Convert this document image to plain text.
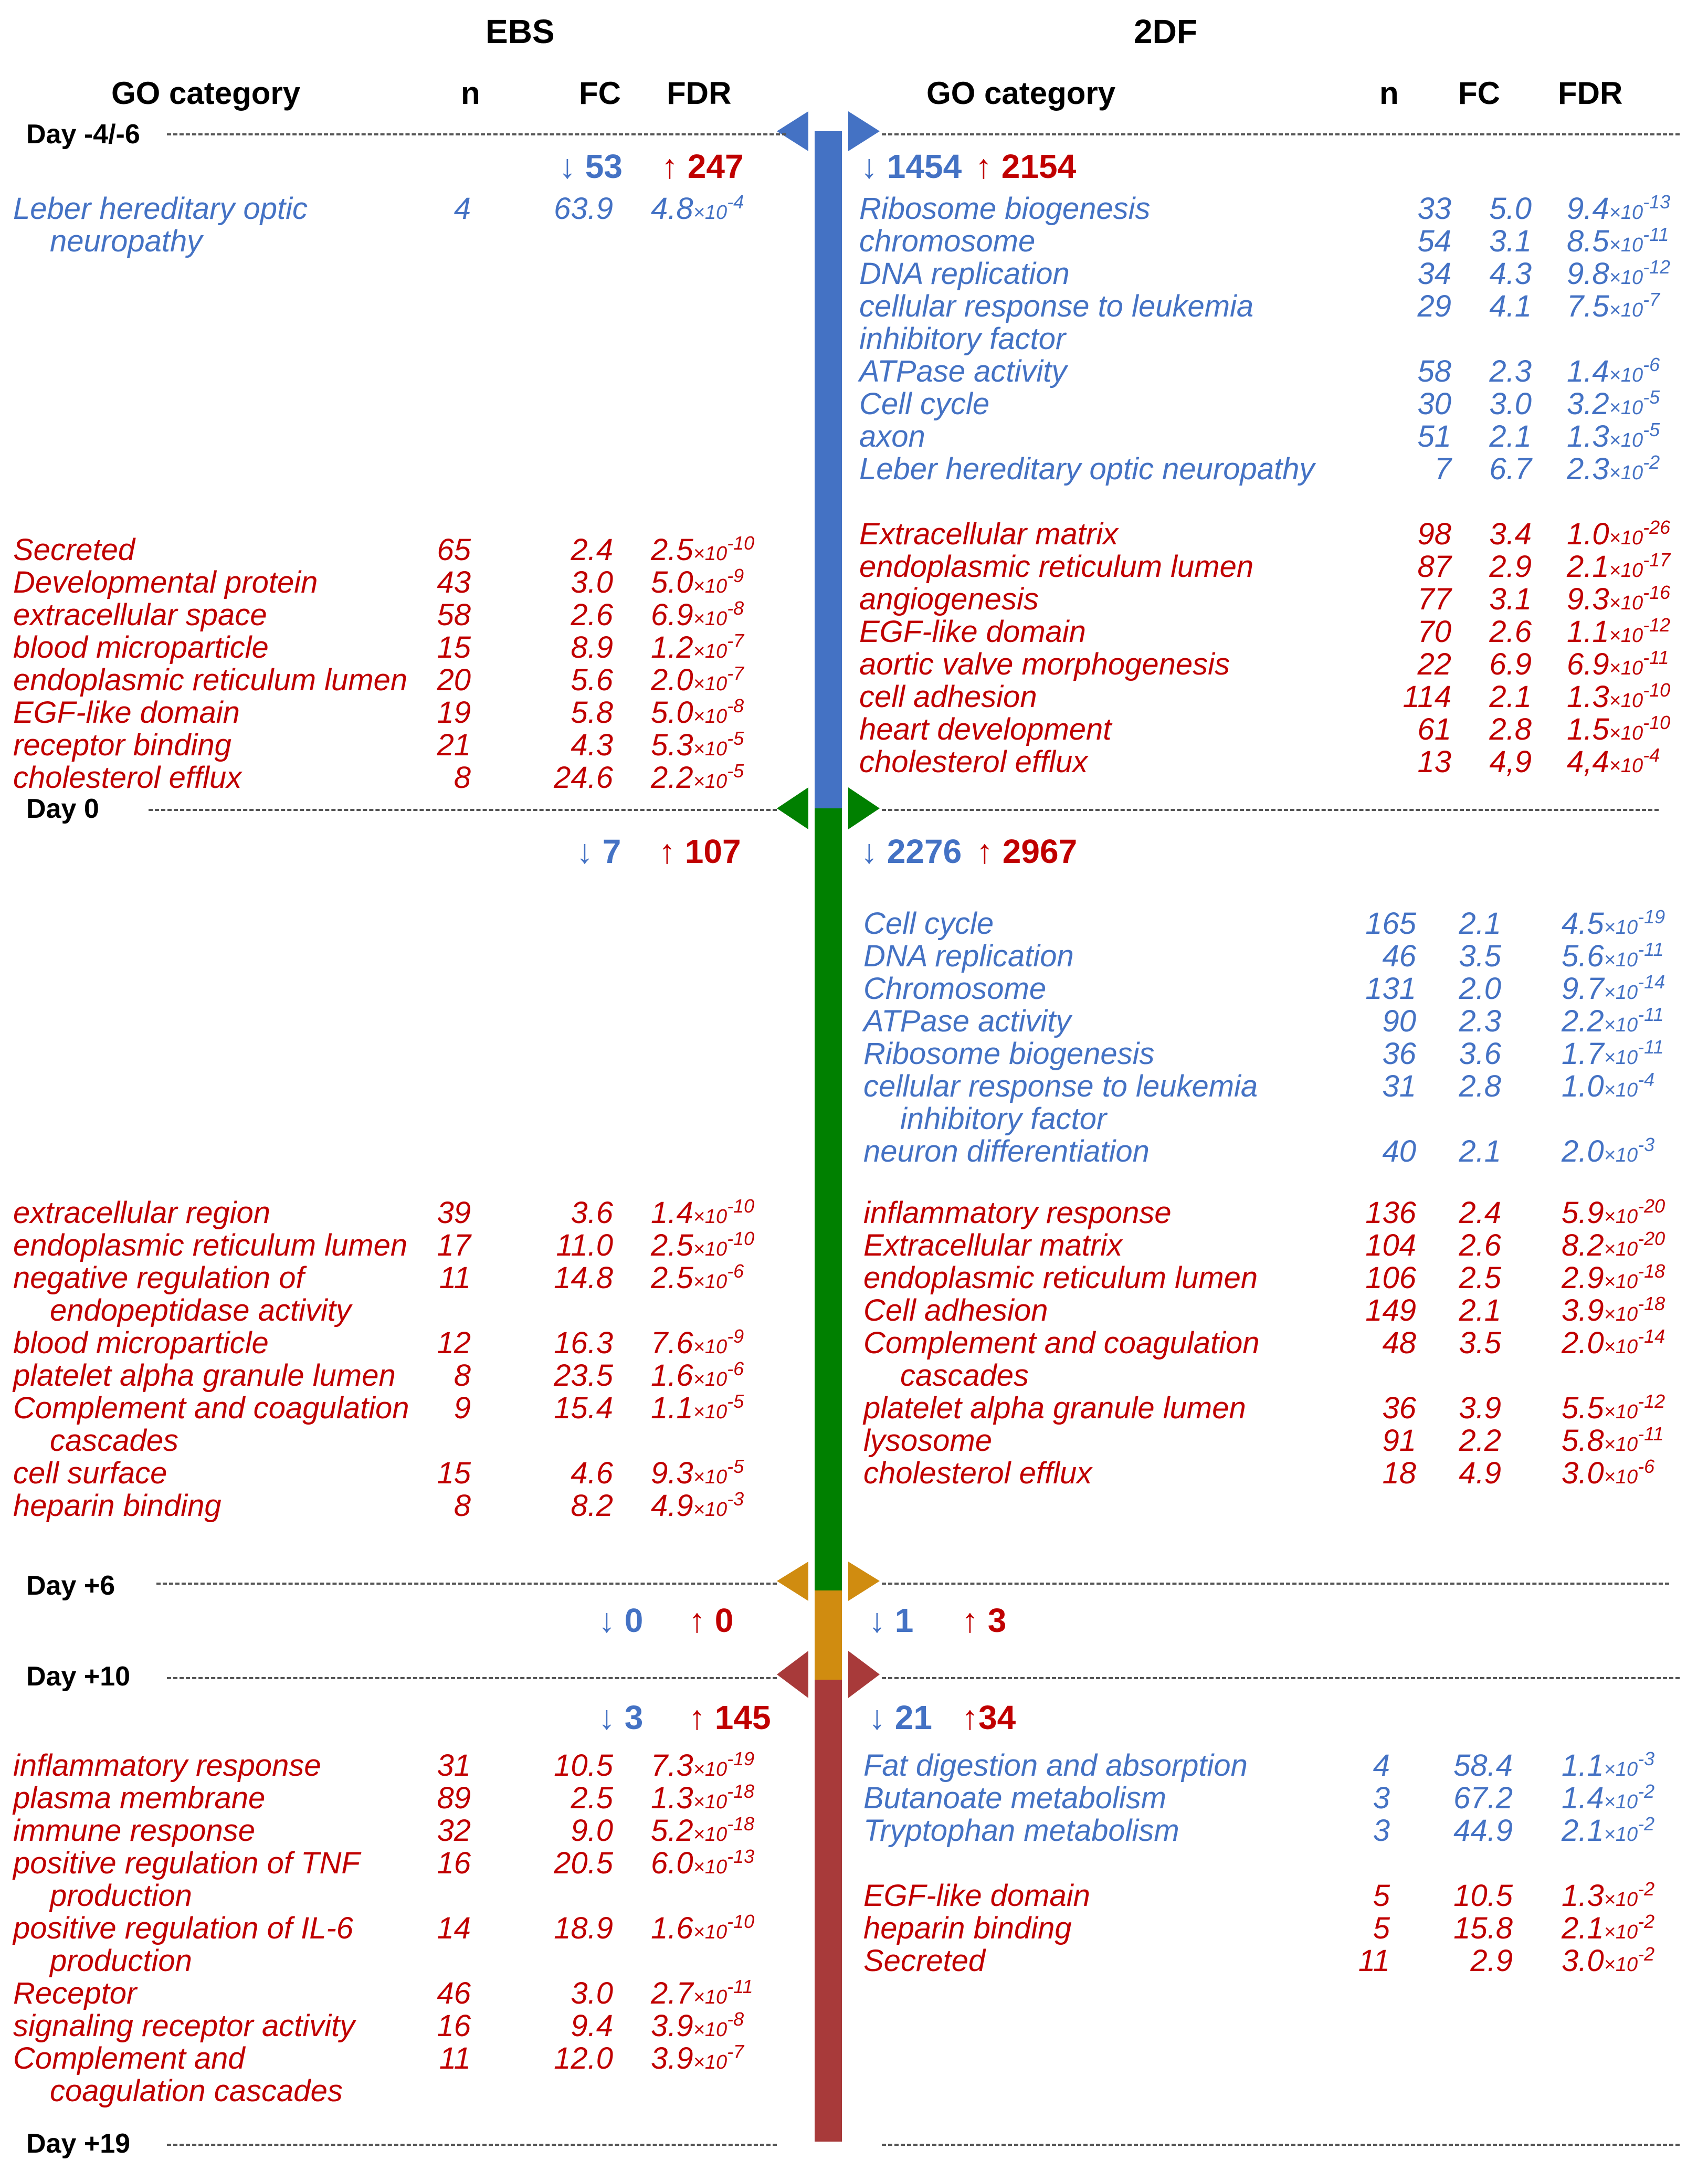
EBS	2DF
GO category	n	FC FDR	GO category	n FC FDR
Day -4/-6
Day 0
Day +6
Day +10
Day +19
↓ 53 ↑ 247	↓ 1454 ↑ 2154
↓ 7 ↑ 107	↓ 2276 ↑ 2967
↓ 0 ↑ 0	↓ 1 ↑ 3
↓ 3 ↑ 145	↓ 21 ↑34
Leber hereditary optic
neuropathy
4	63.9 $4.8\times 10^{-4}$
Secreted	65	2.4 $2.5\times 10^{-10}$
Developmental protein	43	3.0 $5.0\times 10^{-9}$
extracellular space	58	2.6 $6.9\times 10^{-8}$
blood microparticle	15	8.9 $1.2\times 10^{-7}$
endoplasmic reticulum lumen 20	5.6 $2.0\times 10^{-7}$
EGF-like domain	19	5.8 $5.0\times 10^{-8}$
receptor binding	21	4.3 $5.3\times 10^{-5}$
cholesterol efflux	8	24.6 $2.2\times 10^{-5}$
extracellular region	39	3.6 $1.4\times 10^{-10}$
endoplasmic reticulum lumen 17	11.0 $2.5\times 10^{-10}$
negative regulation of
endopeptidase activity
11	14.8 $2.5\times 10^{-6}$
blood microparticle	12	16.3 $7.6\times 10^{-9}$
platelet alpha granule lumen 8	23.5 $1.6\times 10^{-6}$
Complement and coagulation
cascades
9	15.4 $1.1\times 10^{-5}$
cell surface	15	4.6 $9.3\times 10^{-5}$
heparin binding	8	8.2 $4.9\times 10^{-3}$
inflammatory response	31	10.5 $7.3\times 10^{-19}$
plasma membrane	89	2.5 $1.3\times 10^{-18}$
immune response	32	9.0 $5.2\times 10^{-18}$
positive regulation of TNF
production
16	20.5 $6.0\times 10^{-13}$
positive regulation of IL-6
production
14	18.9 $1.6\times 10^{-10}$
Receptor	46	3.0 $2.7\times 10^{-11}$
signaling receptor activity	16	9.4 $3.9\times 10^{-8}$
Complement and
coagulation cascades
11	12.0 $3.9\times 10^{-7}$
Ribosome biogenesis	33 5.0 $9.4\times 10^{-13}$
chromosome	54 3.1 $8.5\times 10^{-11}$
DNA replication	34 4.3 $9.8\times 10^{-12}$
cellular response to leukemia
inhibitory factor
29 4.1 $7.5\times 10^{-7}$
ATPase activity	58 2.3 $1.4\times 10^{-6}$
Cell cycle	30 3.0 $3.2\times 10^{-5}$
axon	51 2.1 $1.3\times 10^{-5}$
Leber hereditary optic neuropathy	7 6.7 $2.3\times 10^{-2}$
Extracellular matrix	98 3.4 $1.0\times 10^{-26}$
endoplasmic reticulum lumen	87 2.9 $2.1\times 10^{-17}$
angiogenesis	77 3.1 $9.3\times 10^{-16}$
EGF-like domain	70 2.6 $1.1\times 10^{-12}$
aortic valve morphogenesis	22 6.9 $6.9\times 10^{-11}$
cell adhesion	114 2.1 $1.3\times 10^{-10}$
heart development	61 2.8 $1.5\times 10^{-10}$
cholesterol efflux	13 4,9 $4,4\times 10^{-4}$
Cell cycle	165 2.1 $4.5\times 10^{-19}$
DNA replication	46 3.5 $5.6\times 10^{-11}$
Chromosome	131 2.0 $9.7\times 10^{-14}$
ATPase activity	90 2.3 $2.2\times 10^{-11}$
Ribosome biogenesis	36 3.6 $1.7\times 10^{-11}$
cellular response to leukemia
inhibitory factor
31 2.8 $1.0\times 10^{-4}$
neuron differentiation	40 2.1 $2.0\times 10^{-3}$
inflammatory response	136 2.4 $5.9\times 10^{-20}$
Extracellular matrix	104 2.6 $8.2\times 10^{-20}$
endoplasmic reticulum lumen	106 2.5 $2.9\times 10^{-18}$
Cell adhesion	149 2.1 $3.9\times 10^{-18}$
Complement and coagulation
cascades
48 3.5 $2.0\times 10^{-14}$
platelet alpha granule lumen	36 3.9 $5.5\times 10^{-12}$
lysosome	91 2.2 $5.8\times 10^{-11}$
cholesterol efflux	18 4.9 $3.0\times 10^{-6}$
Fat digestion and absorption	4 58.4 $1.1\times 10^{-3}$
Butanoate metabolism	3 67.2 $1.4\times 10^{-2}$
Tryptophan metabolism	3 44.9 $2.1\times 10^{-2}$
EGF-like domain	5 10.5 $1.3\times 10^{-2}$
heparin binding	5 15.8 $2.1\times 10^{-2}$
Secreted	11	2.9 $3.0\times 10^{-2}$
